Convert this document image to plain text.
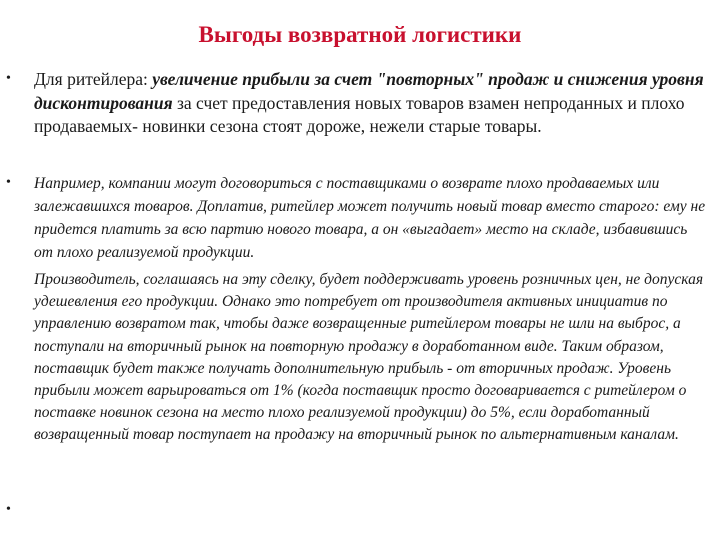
Выгоды возвратной логистики
• Для ритейлера: увеличение прибыли за счет "повторных" продаж и снижения уровня дисконтирования за счет предоставления новых товаров взамен непроданных и плохо продаваемых- новинки сезона стоят дороже, нежели старые товары.

• Например, компании могут договориться с поставщиками о возврате плохо продаваемых или залежавшихся товаров. Доплатив, ритейлер может получить новый товар вместо старого: ему не придется платить за всю партию нового товара, а он «выгадает» место на складе, избавившись от плохо реализуемой продукции.

Производитель, соглашаясь на эту сделку, будет поддерживать уровень розничных цен, не допуская удешевления его продукции. Однако это потребует от производителя активных инициатив по управлению возвратом так, чтобы даже возвращенные ритейлером товары не шли на выброс, а поступали на вторичный рынок на повторную продажу в доработанном виде. Таким образом, поставщик будет также получать дополнительную прибыль - от вторичных продаж. Уровень прибыли может варьироваться от 1% (когда поставщик просто договаривается с ритейлером о поставке новинок сезона на место плохо реализуемой продукции) до 5%, если доработанный возвращенный товар поступает на продажу на вторичный рынок по альтернативным каналам.

•
